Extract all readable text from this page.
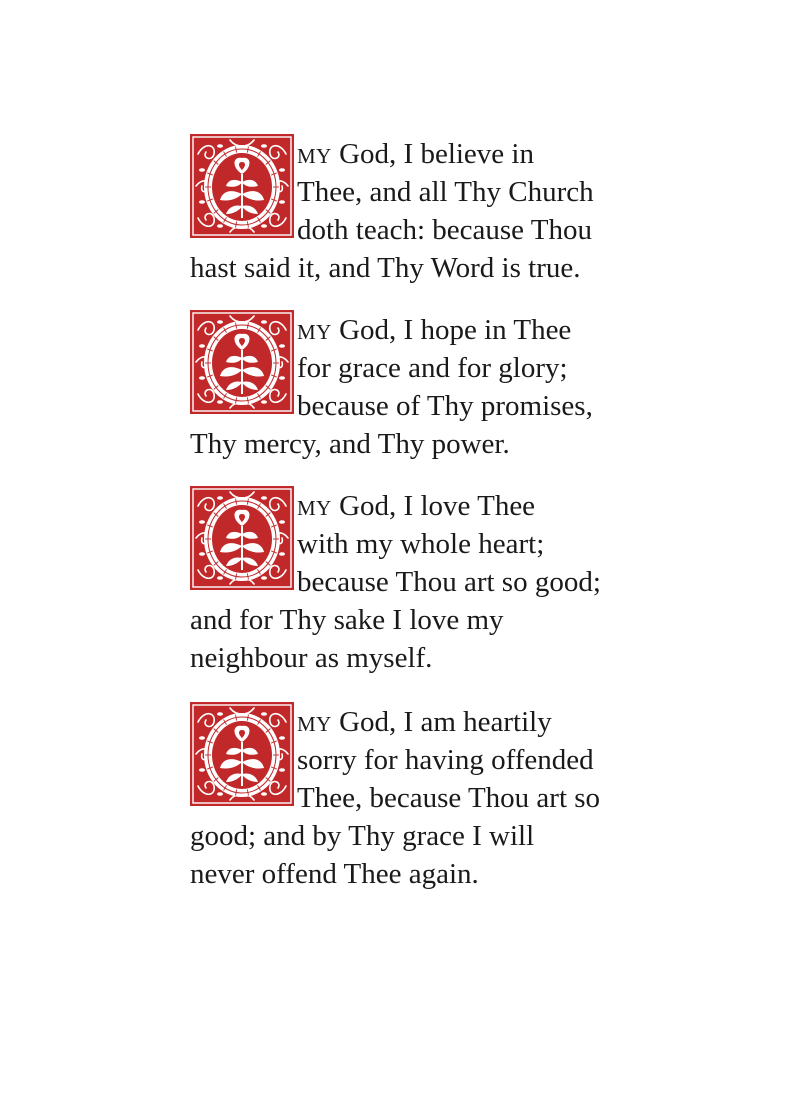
MY God, I believe in
Thee, and all Thy Church
doth teach: because Thou
hast said it, and Thy Word is true.
MY God, I hope in Thee
for grace and for glory;
because of Thy promises,
Thy mercy, and Thy power.
MY God, I love Thee
with my whole heart;
because Thou art so good;
and for Thy sake I love my
neighbour as myself.
MY God, I am heartily
sorry for having offended
Thee, because Thou art so
good; and by Thy grace I will
never offend Thee again.
